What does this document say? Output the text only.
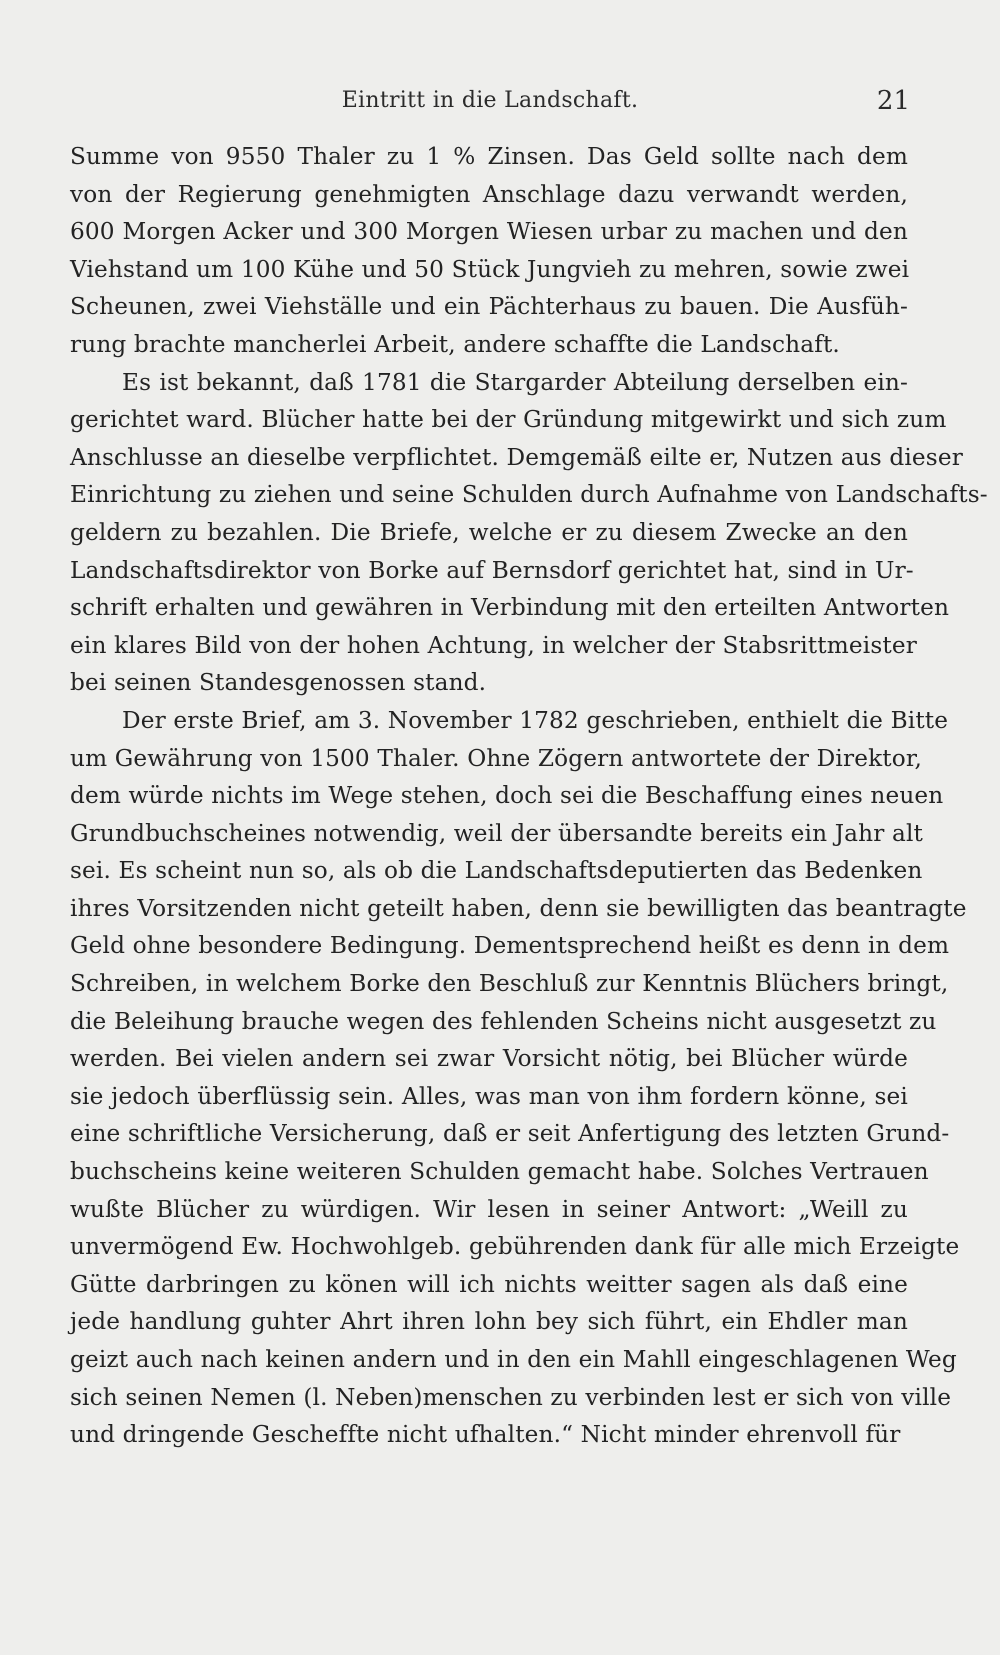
Eintritt in die Landschaft.	21
Summe von 9550 Thaler zu 1 % Zinsen. Das Geld sollte nach dem
von der Regierung genehmigten Anschlage dazu verwandt werden,
600 Morgen Acker und 300 Morgen Wiesen urbar zu machen und den
Viehstand um 100 Kühe und 50 Stück Jungvieh zu mehren, sowie zwei
Scheunen, zwei Viehställe und ein Pächterhaus zu bauen. Die Ausfüh-
rung brachte mancherlei Arbeit, andere schaffte die Landschaft.
Es ist bekannt, daß 1781 die Stargarder Abteilung derselben ein-
gerichtet ward. Blücher hatte bei der Gründung mitgewirkt und sich zum
Anschlusse an dieselbe verpflichtet. Demgemäß eilte er, Nutzen aus dieser
Einrichtung zu ziehen und seine Schulden durch Aufnahme von Landschafts-
geldern zu bezahlen. Die Briefe, welche er zu diesem Zwecke an den
Landschaftsdirektor von Borke auf Bernsdorf gerichtet hat, sind in Ur-
schrift erhalten und gewähren in Verbindung mit den erteilten Antworten
ein klares Bild von der hohen Achtung, in welcher der Stabsrittmeister
bei seinen Standesgenossen stand.
Der erste Brief, am 3. November 1782 geschrieben, enthielt die Bitte
um Gewährung von 1500 Thaler. Ohne Zögern antwortete der Direktor,
dem würde nichts im Wege stehen, doch sei die Beschaffung eines neuen
Grundbuchscheines notwendig, weil der übersandte bereits ein Jahr alt
sei. Es scheint nun so, als ob die Landschaftsdeputierten das Bedenken
ihres Vorsitzenden nicht geteilt haben, denn sie bewilligten das beantragte
Geld ohne besondere Bedingung. Dementsprechend heißt es denn in dem
Schreiben, in welchem Borke den Beschluß zur Kenntnis Blüchers bringt,
die Beleihung brauche wegen des fehlenden Scheins nicht ausgesetzt zu
werden. Bei vielen andern sei zwar Vorsicht nötig, bei Blücher würde
sie jedoch überflüssig sein. Alles, was man von ihm fordern könne, sei
eine schriftliche Versicherung, daß er seit Anfertigung des letzten Grund-
buchscheins keine weiteren Schulden gemacht habe. Solches Vertrauen
wußte Blücher zu würdigen. Wir lesen in seiner Antwort: „Weill zu
unvermögend Ew. Hochwohlgeb. gebührenden dank für alle mich Erzeigte
Gütte darbringen zu könen will ich nichts weitter sagen als daß eine
jede handlung guhter Ahrt ihren lohn bey sich führt, ein Ehdler man
geizt auch nach keinen andern und in den ein Mahll eingeschlagenen Weg
sich seinen Nemen (l. Neben)menschen zu verbinden lest er sich von ville
und dringende Gescheffte nicht ufhalten.“ Nicht minder ehrenvoll für
